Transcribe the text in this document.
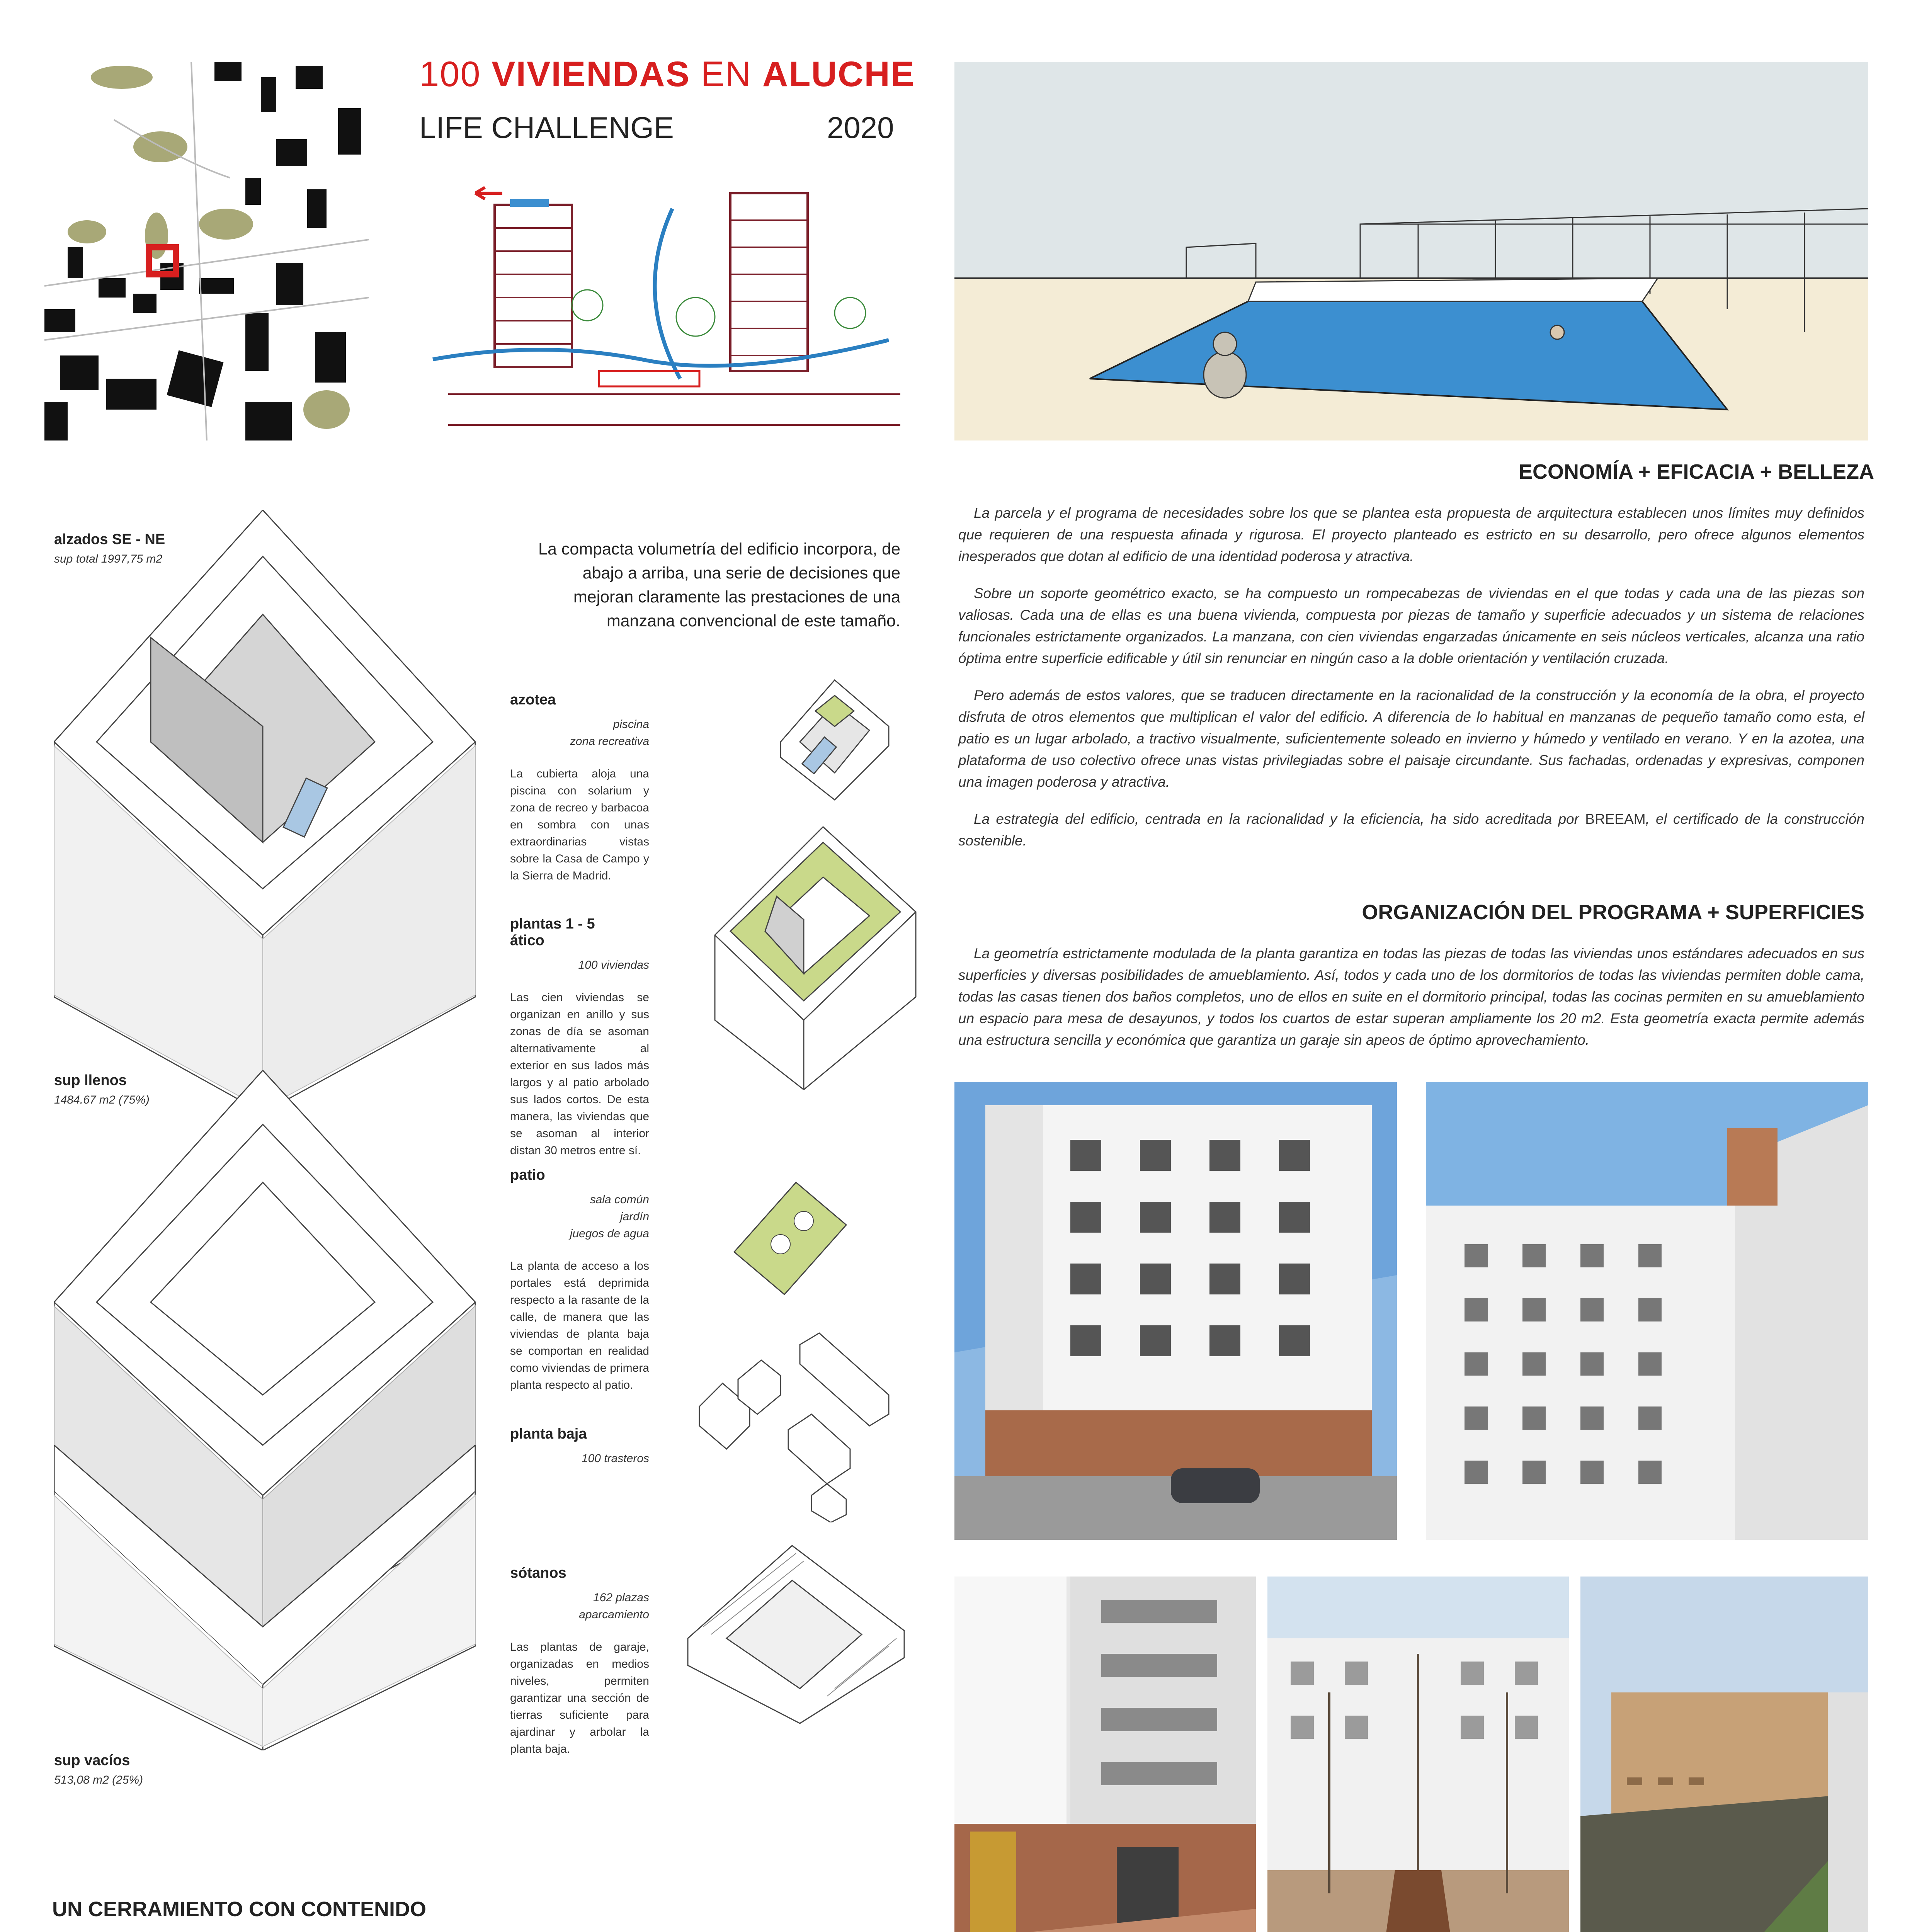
100 VIVIENDAS EN ALUCHE
LIFE CHALLENGE	2020
alzados SE - NE
sup total 1997,75 m2
sup llenos
1484.67 m2 (75%)
sup vacíos
513,08 m2 (25%)
La compacta volumetría del edificio incorpora, de abajo a arriba, una serie de decisiones que mejoran claramente las prestaciones de una manzana convencional de este tamaño.
azotea
piscina
zona recreativa
La cubierta aloja una piscina con solarium y zona de recreo y barbacoa en sombra con unas extraordinarias vistas sobre la Casa de Campo y la Sierra de Madrid.
plantas 1 - 5
ático
100 viviendas
Las cien viviendas se organizan en anillo y sus zonas de día se asoman alternativamente al exterior en sus lados más largos y al patio arbolado sus lados cortos. De esta manera, las viviendas que se asoman al interior distan 30 metros entre sí.
patio
sala común
jardín
juegos de agua
La planta de acceso a los portales está deprimida respecto a la rasante de la calle, de manera que las viviendas de planta baja se comportan en realidad como viviendas de primera planta respecto al patio.
planta baja
100 trasteros
sótanos
162 plazas
aparcamiento
Las plantas de garaje, organizadas en medios niveles, permiten garantizar una sección de tierras suficiente para ajardinar y arbolar la planta baja.
ECONOMÍA + EFICACIA + BELLEZA

La parcela y el programa de necesidades sobre los que se plantea esta propuesta de arquitectura establecen unos límites muy definidos que requieren de una respuesta afinada y rigurosa. El proyecto planteado es estricto en su desarrollo, pero ofrece algunos elementos inesperados que dotan al edificio de una identidad poderosa y atractiva.

Sobre un soporte geométrico exacto, se ha compuesto un rompecabezas de viviendas en el que todas y cada una de las piezas son valiosas. Cada una de ellas es una buena vivienda, compuesta por piezas de tamaño y superficie adecuados y un sistema de relaciones funcionales estrictamente organizados. La manzana, con cien viviendas engarzadas únicamente en seis núcleos verticales, alcanza una ratio óptima entre superficie edificable y útil sin renunciar en ningún caso a la doble orientación y ventilación cruzada.

Pero además de estos valores, que se traducen directamente en la racionalidad de la construcción y la economía de la obra, el proyecto disfruta de otros elementos que multiplican el valor del edificio. A diferencia de lo habitual en manzanas de pequeño tamaño como esta, el patio es un lugar arbolado, a tractivo visualmente, suficientemente soleado en invierno y húmedo y ventilado en verano. Y en la azotea, una plataforma de uso colectivo ofrece unas vistas privilegiadas sobre el paisaje circundante. Sus fachadas, ordenadas y expresivas, componen una imagen poderosa y atractiva.

La estrategia del edificio, centrada en la racionalidad y la eficiencia, ha sido acreditada por BREEAM, el certificado de la construcción sostenible.

ORGANIZACIÓN DEL PROGRAMA + SUPERFICIES

La geometría estrictamente modulada de la planta garantiza en todas las piezas de todas las viviendas unos estándares adecuados en sus superficies y diversas posibilidades de amueblamiento. Así, todos y cada uno de los dormitorios de todas las viviendas permiten doble cama, todas las casas tienen dos baños completos, uno de ellos en suite en el dormitorio principal, todas las cocinas permiten en su amueblamiento un espacio para mesa de desayunos, y todos los cuartos de estar superan ampliamente los 20 m2. Esta geometría exacta permite además una estructura sencilla y económica que garantiza un garaje sin apeos de óptimo aprovechamiento.

UN CERRAMIENTO CON CONTENIDO
